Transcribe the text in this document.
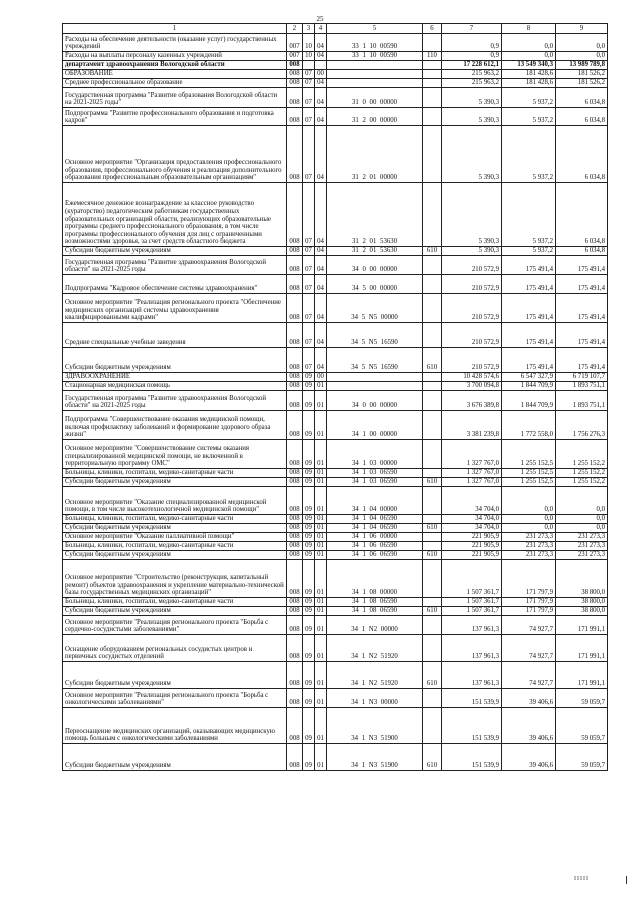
25
1	2	3	4	5	6	7	8	9
Расходы на обеспечение деятельности (оказание услуг) государственных учреждений	007	10	04	33 1 10 00590		0,9	0,0	0,0
Расходы на выплаты персоналу казенных учреждений	007	10	04	33 1 10 00590	110	0,9	0,0	0,0
департамент здравоохранения Вологодской области	008					17 228 612,1	13 549 340,3	13 989 789,8
ОБРАЗОВАНИЕ	008	07	00			215 963,2	181 428,6	181 526,2
Среднее профессиональное образование	008	07	04			215 963,2	181 428,6	181 526,2
Государственная программа "Развитие образования Вологодской области на 2021-2025 годы"	008	07	04	31 0 00 00000		5 390,3	5 937,2	6 034,8
Подпрограмма "Развитие профессионального образования и подготовка кадров"	008	07	04	31 2 00 00000		5 390,3	5 937,2	6 034,8
Основное мероприятие "Организация предоставления профессионального образования, профессионального обучения и реализация дополнительного образования профессиональным образовательным организациям"	008	07	04	31 2 01 00000		5 390,3	5 937,2	6 034,8
Ежемесячное денежное вознаграждение за классное руководство (кураторство) педагогическим работникам государственных образовательных организаций области, реализующих образовательные программы среднего профессионального образования, в том числе программы профессионального обучения для лиц с ограниченными возможностями здоровья, за счет средств областного бюджета	008	07	04	31 2 01 53630		5 390,3	5 937,2	6 034,8
Субсидии бюджетным учреждениям	008	07	04	31 2 01 53630	610	5 390,3	5 937,2	6 034,8
Государственная программа "Развитие здравоохранения Вологодской области" на 2021-2025 годы	008	07	04	34 0 00 00000		210 572,9	175 491,4	175 491,4
Подпрограмма "Кадровое обеспечение системы здравоохранения"	008	07	04	34 5 00 00000		210 572,9	175 491,4	175 491,4
Основное мероприятие "Реализация регионального проекта "Обеспечение медицинских организаций системы здравоохранения квалифицированными кадрами"	008	07	04	34 5 N5 00000		210 572,9	175 491,4	175 491,4
Средние специальные учебные заведения	008	07	04	34 5 N5 16590		210 572,9	175 491,4	175 491,4
Субсидии бюджетным учреждениям	008	07	04	34 5 N5 16590	610	210 572,9	175 491,4	175 491,4
ЗДРАВООХРАНЕНИЕ	008	09	00			10 428 574,6	6 547 327,9	6 719 107,7
Стационарная медицинская помощь	008	09	01			3 700 094,8	1 844 709,9	1 893 751,1
Государственная программа "Развитие здравоохранения Вологодской области" на 2021-2025 годы	008	09	01	34 0 00 00000		3 676 389,8	1 844 709,9	1 893 751,1
Подпрограмма "Совершенствование оказания медицинской помощи, включая профилактику заболеваний и формирование здорового образа жизни"	008	09	01	34 1 00 00000		3 381 239,8	1 772 558,0	1 756 276,3
Основное мероприятие "Совершенствование системы оказания специализированной медицинской помощи, не включенной в территориальную программу ОМС"	008	09	01	34 1 03 00000		1 327 767,0	1 255 152,5	1 255 152,2
Больницы, клиники, госпитали, медико-санитарные части	008	09	01	34 1 03 06590		1 327 767,0	1 255 152,5	1 255 152,2
Субсидии бюджетным учреждениям	008	09	01	34 1 03 06590	610	1 327 767,0	1 255 152,5	1 255 152,2
Основное мероприятие "Оказание специализированной медицинской помощи, в том числе высокотехнологичной медицинской помощи"	008	09	01	34 1 04 00000		34 704,0	0,0	0,0
Больницы, клиники, госпитали, медико-санитарные части	008	09	01	34 1 04 06590		34 704,0	0,0	0,0
Субсидии бюджетным учреждениям	008	09	01	34 1 04 06590	610	34 704,0	0,0	0,0
Основное мероприятие "Оказание паллиативной помощи"	008	09	01	34 1 06 00000		221 905,9	231 273,3	231 273,3
Больницы, клиники, госпитали, медико-санитарные части	008	09	01	34 1 06 06590		221 905,9	231 273,3	231 273,3
Субсидии бюджетным учреждениям	008	09	01	34 1 06 06590	610	221 905,9	231 273,3	231 273,3
Основное мероприятие "Строительство (реконструкция, капитальный ремонт) объектов здравоохранения и укрепление материально-технической базы государственных медицинских организаций"	008	09	01	34 1 08 00000		1 507 361,7	171 797,9	38 800,0
Больницы, клиники, госпитали, медико-санитарные части	008	09	01	34 1 08 06590		1 507 361,7	171 797,9	38 800,0
Субсидии бюджетным учреждениям	008	09	01	34 1 08 06590	610	1 507 361,7	171 797,9	38 800,0
Основное мероприятие "Реализация регионального проекта "Борьба с сердечно-сосудистыми заболеваниями"	008	09	01	34 1 N2 00000		137 961,3	74 927,7	171 991,1
Оснащение оборудованием региональных сосудистых центров и первичных сосудистых отделений	008	09	01	34 1 N2 51920		137 961,3	74 927,7	171 991,1
Субсидии бюджетным учреждениям	008	09	01	34 1 N2 51920	610	137 961,3	74 927,7	171 991,1
Основное мероприятие "Реализация регионального проекта "Борьба с онкологическими заболеваниями"	008	09	01	34 1 N3 00000		151 539,9	39 406,6	59 059,7
Переоснащение медицинских организаций, оказывающих медицинскую помощь больным с онкологическими заболеваниями	008	09	01	34 1 N3 51900		151 539,9	39 406,6	59 059,7
Субсидии бюджетным учреждениям	008	09	01	34 1 N3 51900	610	151 539,9	39 406,6	59 059,7
IIIII
